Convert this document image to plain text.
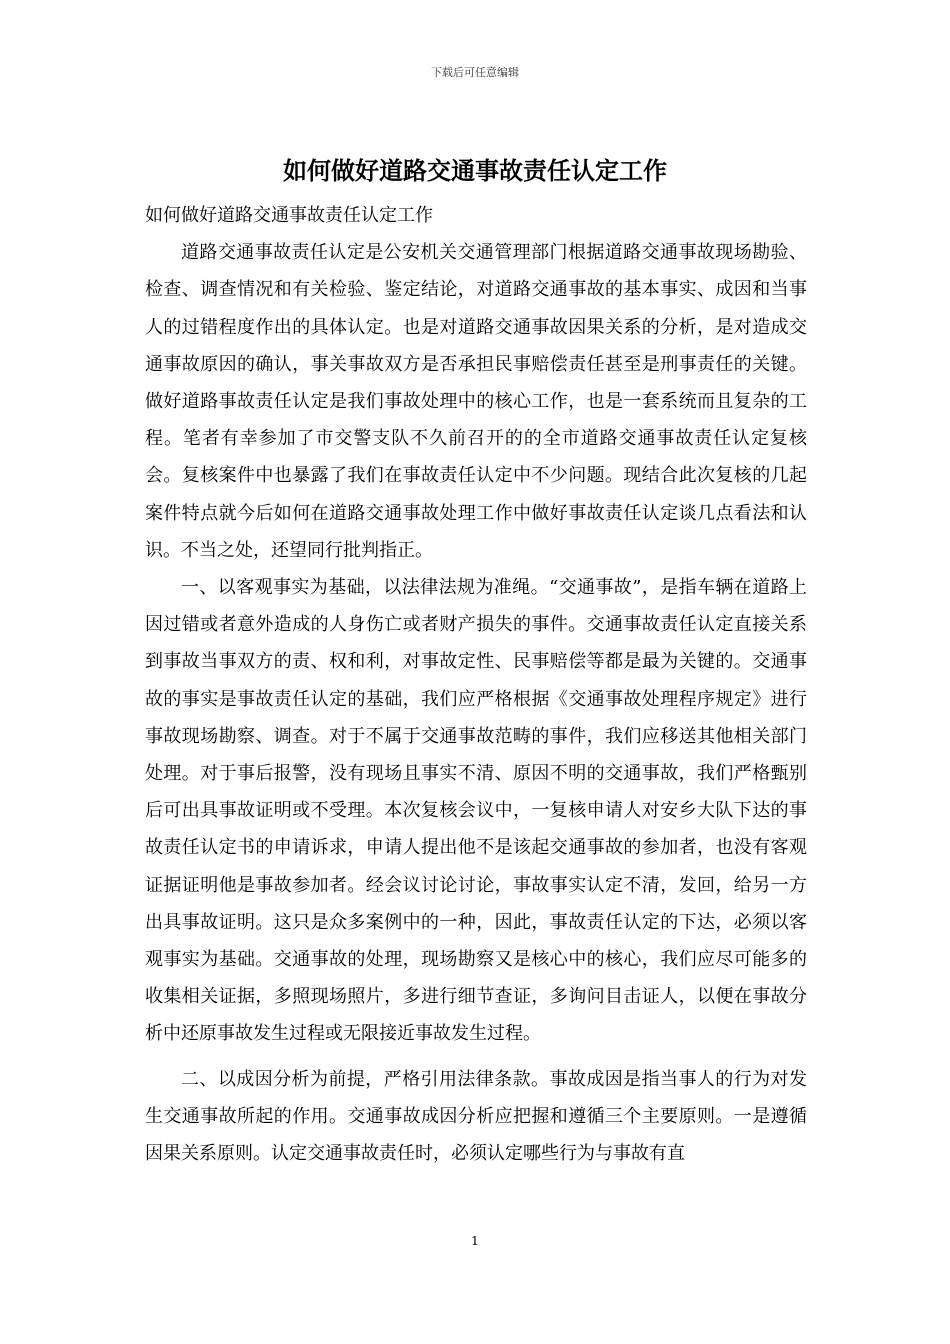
下载后可任意编辑
如何做好道路交通事故责任认定工作

如何做好道路交通事故责任认定工作

道路交通事故责任认定是公安机关交通管理部门根据道路交通事故现场勘验、检查、调查情况和有关检验、鉴定结论，对道路交通事故的基本事实、成因和当事人的过错程度作出的具体认定。也是对道路交通事故因果关系的分析，是对造成交通事故原因的确认，事关事故双方是否承担民事赔偿责任甚至是刑事责任的关键。做好道路事故责任认定是我们事故处理中的核心工作，也是一套系统而且复杂的工程。笔者有幸参加了市交警支队不久前召开的的全市道路交通事故责任认定复核会。复核案件中也暴露了我们在事故责任认定中不少问题。现结合此次复核的几起案件特点就今后如何在道路交通事故处理工作中做好事故责任认定谈几点看法和认识。不当之处，还望同行批判指正。

一、以客观事实为基础，以法律法规为准绳。“交通事故”，是指车辆在道路上因过错或者意外造成的人身伤亡或者财产损失的事件。交通事故责任认定直接关系到事故当事双方的责、权和利，对事故定性、民事赔偿等都是最为关键的。交通事故的事实是事故责任认定的基础，我们应严格根据《交通事故处理程序规定》进行事故现场勘察、调查。对于不属于交通事故范畴的事件，我们应移送其他相关部门处理。对于事后报警，没有现场且事实不清、原因不明的交通事故，我们严格甄别后可出具事故证明或不受理。本次复核会议中，一复核申请人对安乡大队下达的事故责任认定书的申请诉求，申请人提出他不是该起交通事故的参加者，也没有客观证据证明他是事故参加者。经会议讨论讨论，事故事实认定不清，发回，给另一方出具事故证明。这只是众多案例中的一种，因此，事故责任认定的下达，必须以客观事实为基础。交通事故的处理，现场勘察又是核心中的核心，我们应尽可能多的收集相关证据，多照现场照片，多进行细节查证，多询问目击证人，以便在事故分析中还原事故发生过程或无限接近事故发生过程。

二、以成因分析为前提，严格引用法律条款。事故成因是指当事人的行为对发生交通事故所起的作用。交通事故成因分析应把握和遵循三个主要原则。一是遵循因果关系原则。认定交通事故责任时，必须认定哪些行为与事故有直

1
